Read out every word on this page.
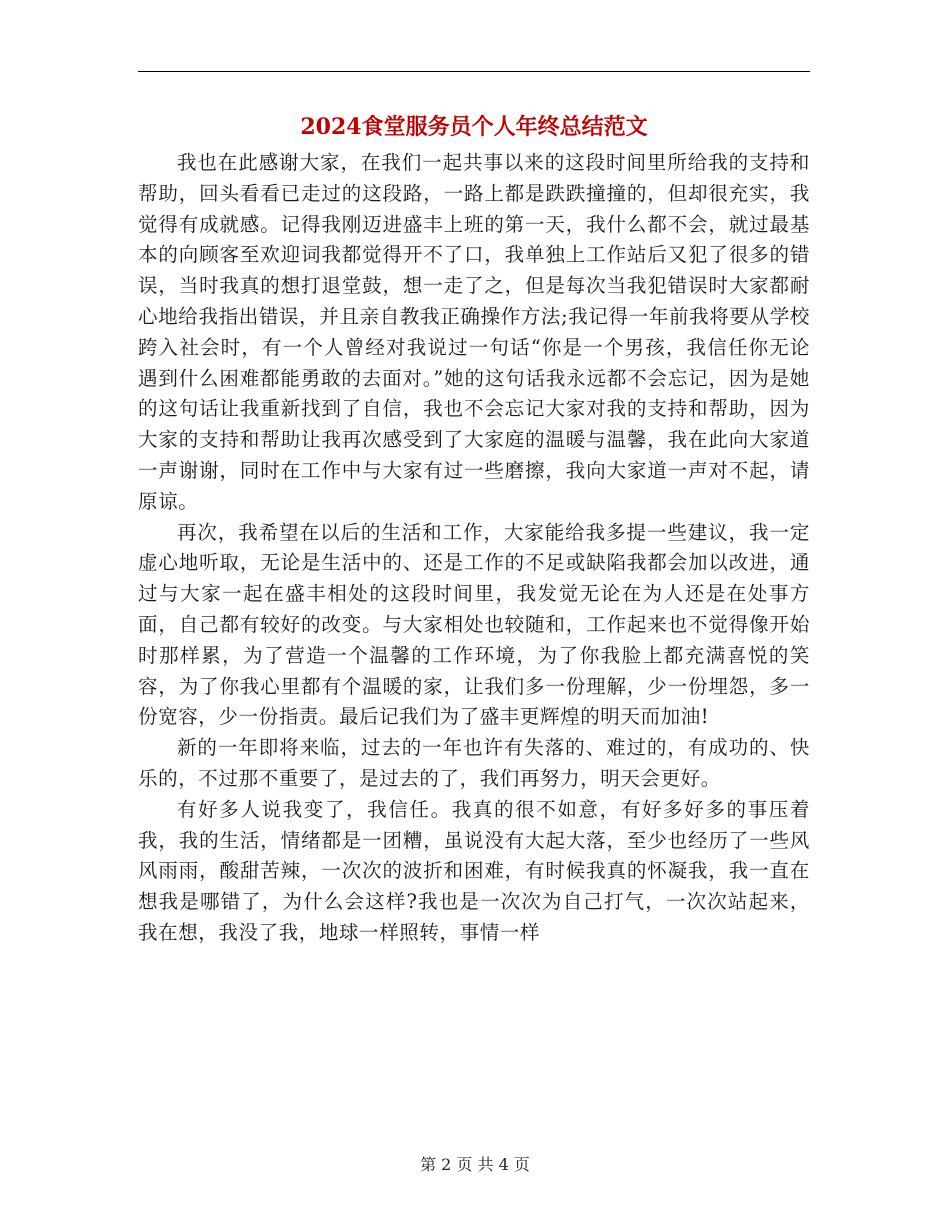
2024食堂服务员个人年终总结范文

我也在此感谢大家，在我们一起共事以来的这段时间里所给我的支持和帮助，回头看看已走过的这段路，一路上都是跌跌撞撞的，但却很充实，我觉得有成就感。记得我刚迈进盛丰上班的第一天，我什么都不会，就过最基本的向顾客至欢迎词我都觉得开不了口，我单独上工作站后又犯了很多的错误，当时我真的想打退堂鼓，想一走了之，但是每次当我犯错误时大家都耐心地给我指出错误，并且亲自教我正确操作方法;我记得一年前我将要从学校跨入社会时，有一个人曾经对我说过一句话“你是一个男孩，我信任你无论遇到什么困难都能勇敢的去面对。”她的这句话我永远都不会忘记，因为是她的这句话让我重新找到了自信，我也不会忘记大家对我的支持和帮助，因为大家的支持和帮助让我再次感受到了大家庭的温暖与温馨，我在此向大家道一声谢谢，同时在工作中与大家有过一些磨擦，我向大家道一声对不起，请原谅。

再次，我希望在以后的生活和工作，大家能给我多提一些建议，我一定虚心地听取，无论是生活中的、还是工作的不足或缺陷我都会加以改进，通过与大家一起在盛丰相处的这段时间里，我发觉无论在为人还是在处事方面，自己都有较好的改变。与大家相处也较随和，工作起来也不觉得像开始时那样累，为了营造一个温馨的工作环境，为了你我脸上都充满喜悦的笑容，为了你我心里都有个温暖的家，让我们多一份理解，少一份埋怨，多一份宽容，少一份指责。最后记我们为了盛丰更辉煌的明天而加油!

新的一年即将来临，过去的一年也许有失落的、难过的，有成功的、快乐的，不过那不重要了，是过去的了，我们再努力，明天会更好。

有好多人说我变了，我信任。我真的很不如意，有好多好多的事压着我，我的生活，情绪都是一团糟，虽说没有大起大落，至少也经历了一些风风雨雨，酸甜苦辣，一次次的波折和困难，有时候我真的怀凝我，我一直在想我是哪错了，为什么会这样?我也是一次次为自己打气，一次次站起来，我在想，我没了我，地球一样照转，事情一样

第 2 页 共 4 页
